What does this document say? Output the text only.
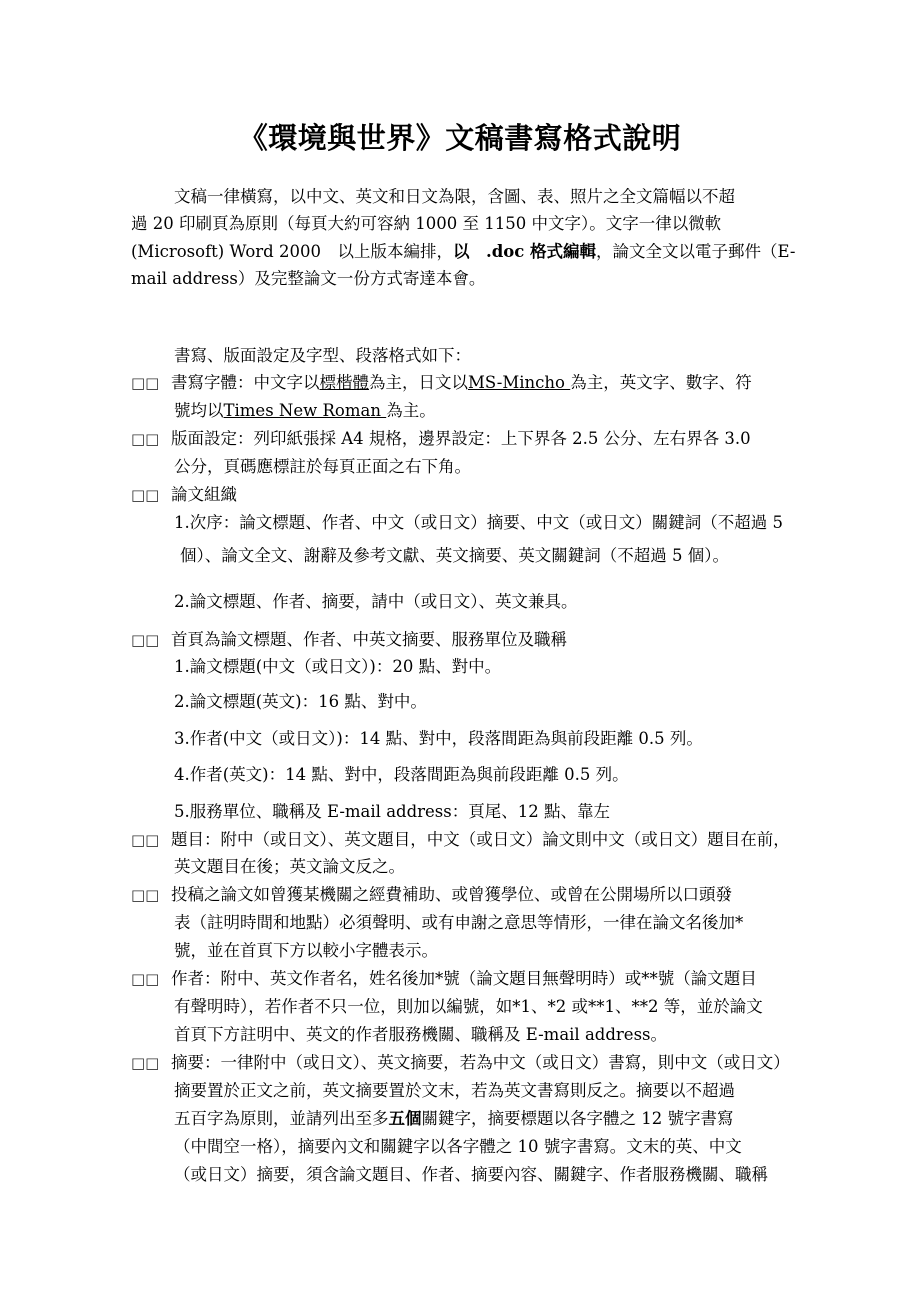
《環境與世界》文稿書寫格式說明
文稿一律橫寫，以中文、英文和日文為限，含圖、表、照片之全文篇幅以不超
過 20 印刷頁為原則（每頁大約可容納 1000 至 1150 中文字）。文字一律以微軟
(Microsoft) Word 2000　以上版本編排，以　.doc 格式編輯，論文全文以電子郵件（E-
mail address）及完整論文一份方式寄達本會。
書寫、版面設定及字型、段落格式如下：
□□ 書寫字體：中文字以標楷體為主，日文以MS-Mincho 為主，英文字、數字、符
號均以Times New Roman 為主。
□□ 版面設定：列印紙張採 A4 規格，邊界設定：上下界各 2.5 公分、左右界各 3.0
公分，頁碼應標註於每頁正面之右下角。
□□ 論文組織
1.次序：論文標題、作者、中文（或日文）摘要、中文（或日文）關鍵詞（不超過 5
個）、論文全文、謝辭及參考文獻、英文摘要、英文關鍵詞（不超過 5 個）。
2.論文標題、作者、摘要，請中（或日文）、英文兼具。
□□ 首頁為論文標題、作者、中英文摘要、服務單位及職稱
1.論文標題(中文（或日文）)：20 點、對中。
2.論文標題(英文)：16 點、對中。
3.作者(中文（或日文）)：14 點、對中，段落間距為與前段距離 0.5 列。
4.作者(英文)：14 點、對中，段落間距為與前段距離 0.5 列。
5.服務單位、職稱及 E-mail address：頁尾、12 點、靠左
□□ 題目：附中（或日文）、英文題目，中文（或日文）論文則中文（或日文）題目在前，
英文題目在後；英文論文反之。
□□ 投稿之論文如曾獲某機關之經費補助、或曾獲學位、或曾在公開場所以口頭發
表（註明時間和地點）必須聲明、或有申謝之意思等情形，一律在論文名後加*
號，並在首頁下方以較小字體表示。
□□ 作者：附中、英文作者名，姓名後加*號（論文題目無聲明時）或**號（論文題目
有聲明時），若作者不只一位，則加以編號，如*1、*2 或**1、**2 等，並於論文
首頁下方註明中、英文的作者服務機關、職稱及 E-mail address。
□□ 摘要：一律附中（或日文）、英文摘要，若為中文（或日文）書寫，則中文（或日文）
摘要置於正文之前，英文摘要置於文末，若為英文書寫則反之。摘要以不超過
五百字為原則，並請列出至多五個關鍵字，摘要標題以各字體之 12 號字書寫
（中間空一格），摘要內文和關鍵字以各字體之 10 號字書寫。文末的英、中文
（或日文）摘要，須含論文題目、作者、摘要內容、關鍵字、作者服務機關、職稱
